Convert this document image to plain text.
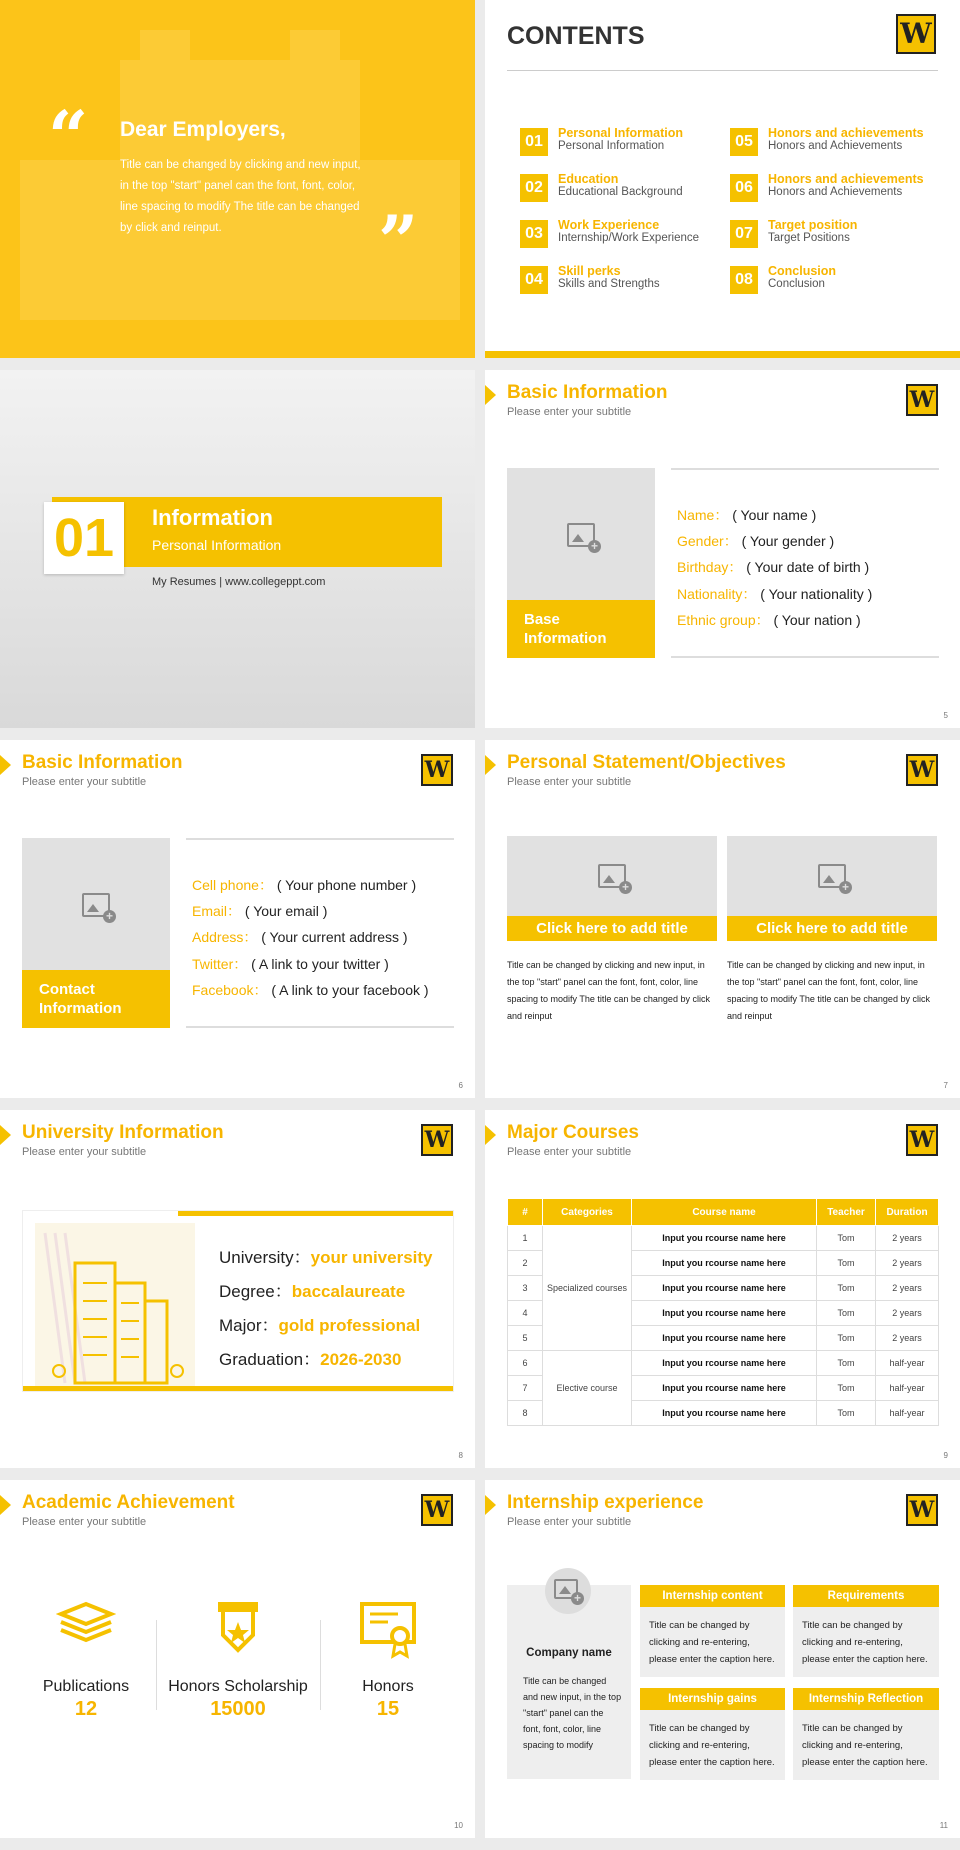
“ Dear Employers,
Title can be changed by clicking and new input, in the top "start" panel can the font, font, color, line spacing to modify The title can be changed by click and reinput.	”
CONTENTS	W
01	Personal Information
Personal Information
02	Education
Educational Background
03	Work Experience
Internship/Work Experience
04	Skill perks
Skills and Strengths
05	Honors and achievements
Honors and Achievements
06	Honors and achievements
Honors and Achievements
07	Target position
Target Positions
08	Conclusion
Conclusion
01	Information
Personal Information
My Resumes | www.collegeppt.com
Basic Information
Please enter your subtitle	W
+
Base Information
Name： ( Your name )
Gender： ( Your gender )
Birthday： ( Your date of birth )
Nationality： ( Your nationality )
Ethnic group： ( Your nation )
5
Basic Information
Please enter your subtitle	W
+
Contact Information
Cell phone： ( Your phone number )
Email： ( Your email )
Address： ( Your current address )
Twitter： ( A link to your twitter )
Facebook： ( A link to your facebook )
6
Personal Statement/Objectives
Please enter your subtitle	W
+
Click here to add title
Title can be changed by clicking and new input, in the top "start" panel can the font, font, color, line spacing to modify The title can be changed by click and reinput
+
Click here to add title
Title can be changed by clicking and new input, in the top "start" panel can the font, font, color, line spacing to modify The title can be changed by click and reinput
7
University Information
Please enter your subtitle	W
University：your university
Degree：baccalaureate
Major：gold professional
Graduation：2026-2030
8
Major Courses
Please enter your subtitle	W
#	Categories	Course name	Teacher	Duration
1	Specialized courses	Input you rcourse name here	Tom	2 years
2		Input you rcourse name here	Tom	2 years
3		Input you rcourse name here	Tom	2 years
4		Input you rcourse name here	Tom	2 years
5		Input you rcourse name here	Tom	2 years
6	Elective course	Input you rcourse name here	Tom	half-year
7		Input you rcourse name here	Tom	half-year
8		Input you rcourse name here	Tom	half-year
9
Academic Achievement
Please enter your subtitle	W
Publications
12
Honors Scholarship
15000
Honors
15
10
Internship experience
Please enter your subtitle	W
+
Company name
Title can be changed and new input, in the top "start" panel can the font, font, color, line spacing to modify
Internship content
Title can be changed by clicking and re-entering, please enter the caption here.
Requirements
Title can be changed by clicking and re-entering, please enter the caption here.
Internship gains
Title can be changed by clicking and re-entering, please enter the caption here.
Internship Reflection
Title can be changed by clicking and re-entering, please enter the caption here.
11
